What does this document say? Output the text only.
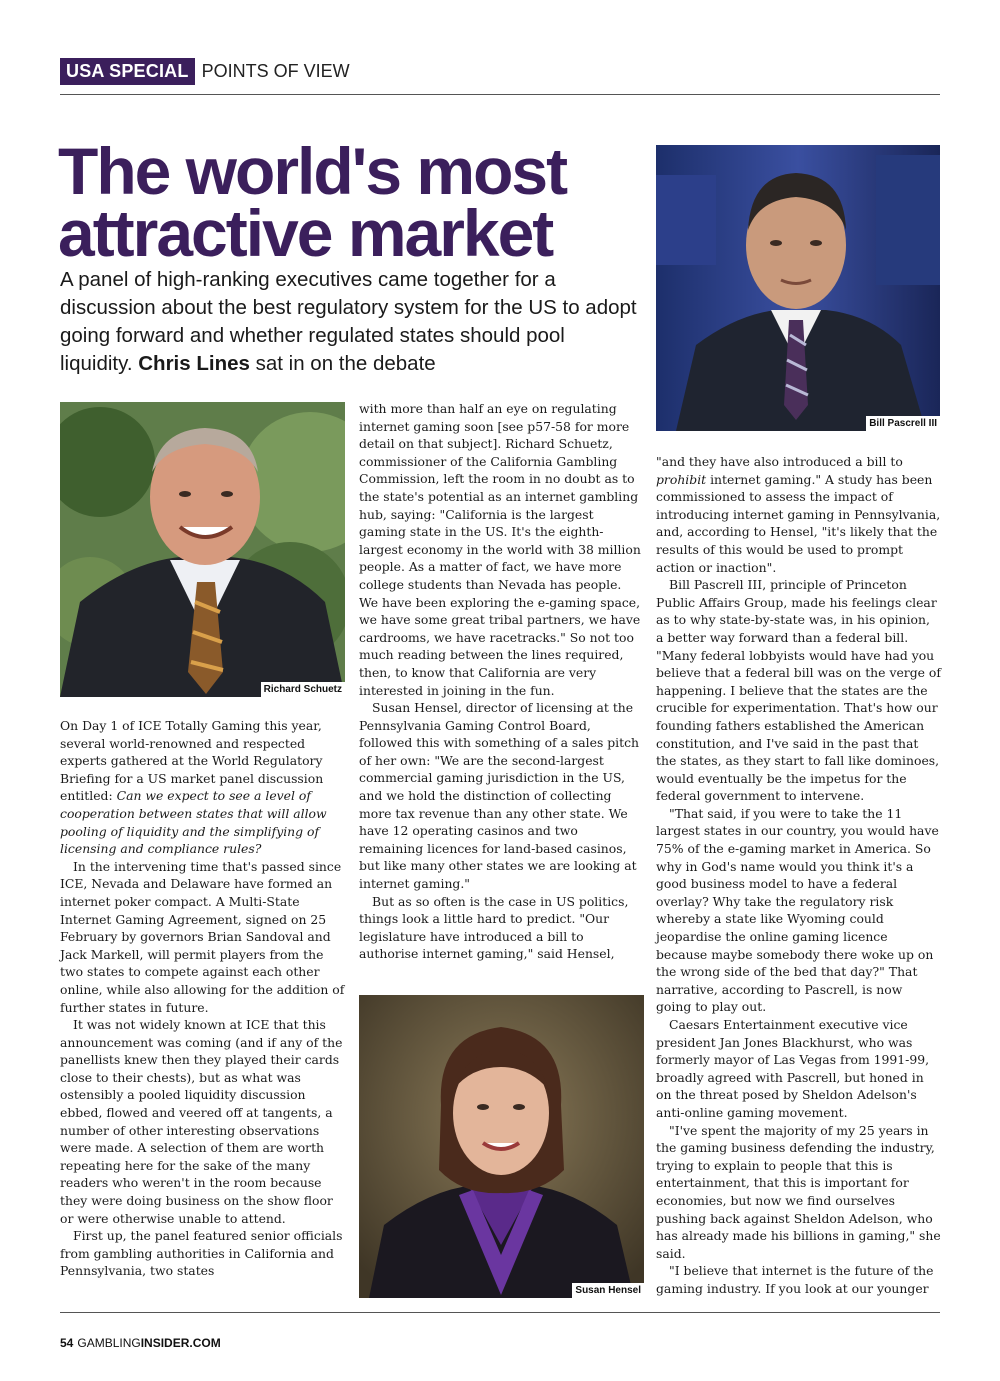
USA SPECIAL POINTS OF VIEW
The world's most
attractive market

A panel of high-ranking executives came together for a discussion about the best regulatory system for the US to adopt going forward and whether regulated states should pool liquidity. Chris Lines sat in on the debate

Bill Pascrell III
Richard Schuetz
Susan Hensel

On Day 1 of ICE Totally Gaming this year, several world-renowned and respected experts gathered at the World Regulatory Briefing for a US market panel discussion entitled: Can we expect to see a level of cooperation between states that will allow pooling of liquidity and the simplifying of licensing and compliance rules?

In the intervening time that's passed since ICE, Nevada and Delaware have formed an internet poker compact. A Multi-State Internet Gaming Agreement, signed on 25 February by governors Brian Sandoval and Jack Markell, will permit players from the two states to compete against each other online, while also allowing for the addition of further states in future.

It was not widely known at ICE that this announcement was coming (and if any of the panellists knew then they played their cards close to their chests), but as what was ostensibly a pooled liquidity discussion ebbed, flowed and veered off at tangents, a number of other interesting observations were made. A selection of them are worth repeating here for the sake of the many readers who weren't in the room because they were doing business on the show floor or were otherwise unable to attend.

First up, the panel featured senior officials from gambling authorities in California and Pennsylvania, two states

with more than half an eye on regulating internet gaming soon [see p57-58 for more detail on that subject]. Richard Schuetz, commissioner of the California Gambling Commission, left the room in no doubt as to the state's potential as an internet gambling hub, saying: "California is the largest gaming state in the US. It's the eighth-largest economy in the world with 38 million people. As a matter of fact, we have more college students than Nevada has people. We have been exploring the e-gaming space, we have some great tribal partners, we have cardrooms, we have racetracks." So not too much reading between the lines required, then, to know that California are very interested in joining in the fun.

Susan Hensel, director of licensing at the Pennsylvania Gaming Control Board, followed this with something of a sales pitch of her own: "We are the second-largest commercial gaming jurisdiction in the US, and we hold the distinction of collecting more tax revenue than any other state. We have 12 operating casinos and two remaining licences for land-based casinos, but like many other states we are looking at internet gaming."

But as so often is the case in US politics, things look a little hard to predict. "Our legislature have introduced a bill to authorise internet gaming," said Hensel,

"and they have also introduced a bill to prohibit internet gaming." A study has been commissioned to assess the impact of introducing internet gaming in Pennsylvania, and, according to Hensel, "it's likely that the results of this would be used to prompt action or inaction".

Bill Pascrell III, principle of Princeton Public Affairs Group, made his feelings clear as to why state-by-state was, in his opinion, a better way forward than a federal bill. "Many federal lobbyists would have had you believe that a federal bill was on the verge of happening. I believe that the states are the crucible for experimentation. That's how our founding fathers established the American constitution, and I've said in the past that the states, as they start to fall like dominoes, would eventually be the impetus for the federal government to intervene.

"That said, if you were to take the 11 largest states in our country, you would have 75% of the e-gaming market in America. So why in God's name would you think it's a good business model to have a federal overlay? Why take the regulatory risk whereby a state like Wyoming could jeopardise the online gaming licence because maybe somebody there woke up on the wrong side of the bed that day?" That narrative, according to Pascrell, is now going to play out.

Caesars Entertainment executive vice president Jan Jones Blackhurst, who was formerly mayor of Las Vegas from 1991-99, broadly agreed with Pascrell, but honed in on the threat posed by Sheldon Adelson's anti-online gaming movement.

"I've spent the majority of my 25 years in the gaming business defending the industry, trying to explain to people that this is entertainment, that this is important for economies, but now we find ourselves pushing back against Sheldon Adelson, who has already made his billions in gaming," she said.

"I believe that internet is the future of the gaming industry. If you look at our younger

54 GAMBLINGINSIDER.COM
